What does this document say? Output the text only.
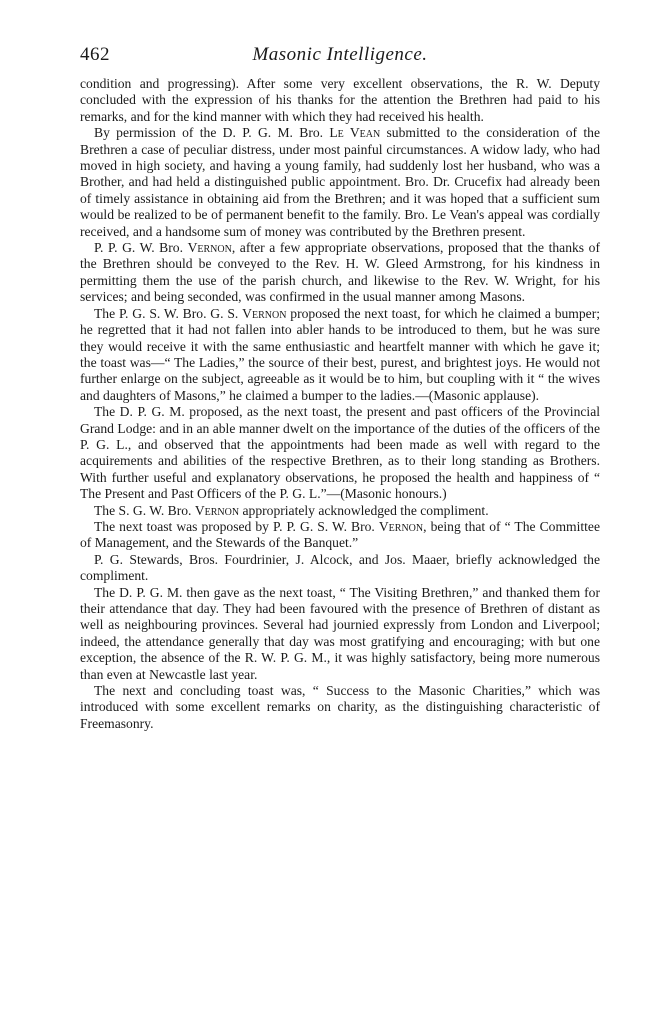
462	Masonic Intelligence.

condition and progressing). After some very excellent observations, the R. W. Deputy concluded with the expression of his thanks for the attention the Brethren had paid to his remarks, and for the kind manner with which they had received his health.

By permission of the D. P. G. M. Bro. Le Vean submitted to the consideration of the Brethren a case of peculiar distress, under most painful circumstances. A widow lady, who had moved in high society, and having a young family, had suddenly lost her husband, who was a Brother, and had held a distinguished public appointment. Bro. Dr. Crucefix had already been of timely assistance in obtaining aid from the Brethren; and it was hoped that a sufficient sum would be realized to be of permanent benefit to the family. Bro. Le Vean's appeal was cordially received, and a handsome sum of money was contributed by the Brethren present.

P. P. G. W. Bro. Vernon, after a few appropriate observations, proposed that the thanks of the Brethren should be conveyed to the Rev. H. W. Gleed Armstrong, for his kindness in permitting them the use of the parish church, and likewise to the Rev. W. Wright, for his services; and being seconded, was confirmed in the usual manner among Masons.

The P. G. S. W. Bro. G. S. Vernon proposed the next toast, for which he claimed a bumper; he regretted that it had not fallen into abler hands to be introduced to them, but he was sure they would receive it with the same enthusiastic and heartfelt manner with which he gave it; the toast was—“ The Ladies,” the source of their best, purest, and brightest joys. He would not further enlarge on the subject, agreeable as it would be to him, but coupling with it “ the wives and daughters of Masons,” he claimed a bumper to the ladies.—(Masonic applause).

The D. P. G. M. proposed, as the next toast, the present and past officers of the Provincial Grand Lodge: and in an able manner dwelt on the importance of the duties of the officers of the P. G. L., and observed that the appointments had been made as well with regard to the acquirements and abilities of the respective Brethren, as to their long standing as Brothers. With further useful and explanatory observations, he proposed the health and happiness of “ The Present and Past Officers of the P. G. L.”—(Masonic honours.)

The S. G. W. Bro. Vernon appropriately acknowledged the compliment.

The next toast was proposed by P. P. G. S. W. Bro. Vernon, being that of “ The Committee of Management, and the Stewards of the Banquet.”

P. G. Stewards, Bros. Fourdrinier, J. Alcock, and Jos. Maaer, briefly acknowledged the compliment.

The D. P. G. M. then gave as the next toast, “ The Visiting Brethren,” and thanked them for their attendance that day. They had been favoured with the presence of Brethren of distant as well as neighbouring provinces. Several had journied expressly from London and Liverpool; indeed, the attendance generally that day was most gratifying and encouraging; with but one exception, the absence of the R. W. P. G. M., it was highly satisfactory, being more numerous than even at Newcastle last year.

The next and concluding toast was, “ Success to the Masonic Charities,” which was introduced with some excellent remarks on charity, as the distinguishing characteristic of Freemasonry.
